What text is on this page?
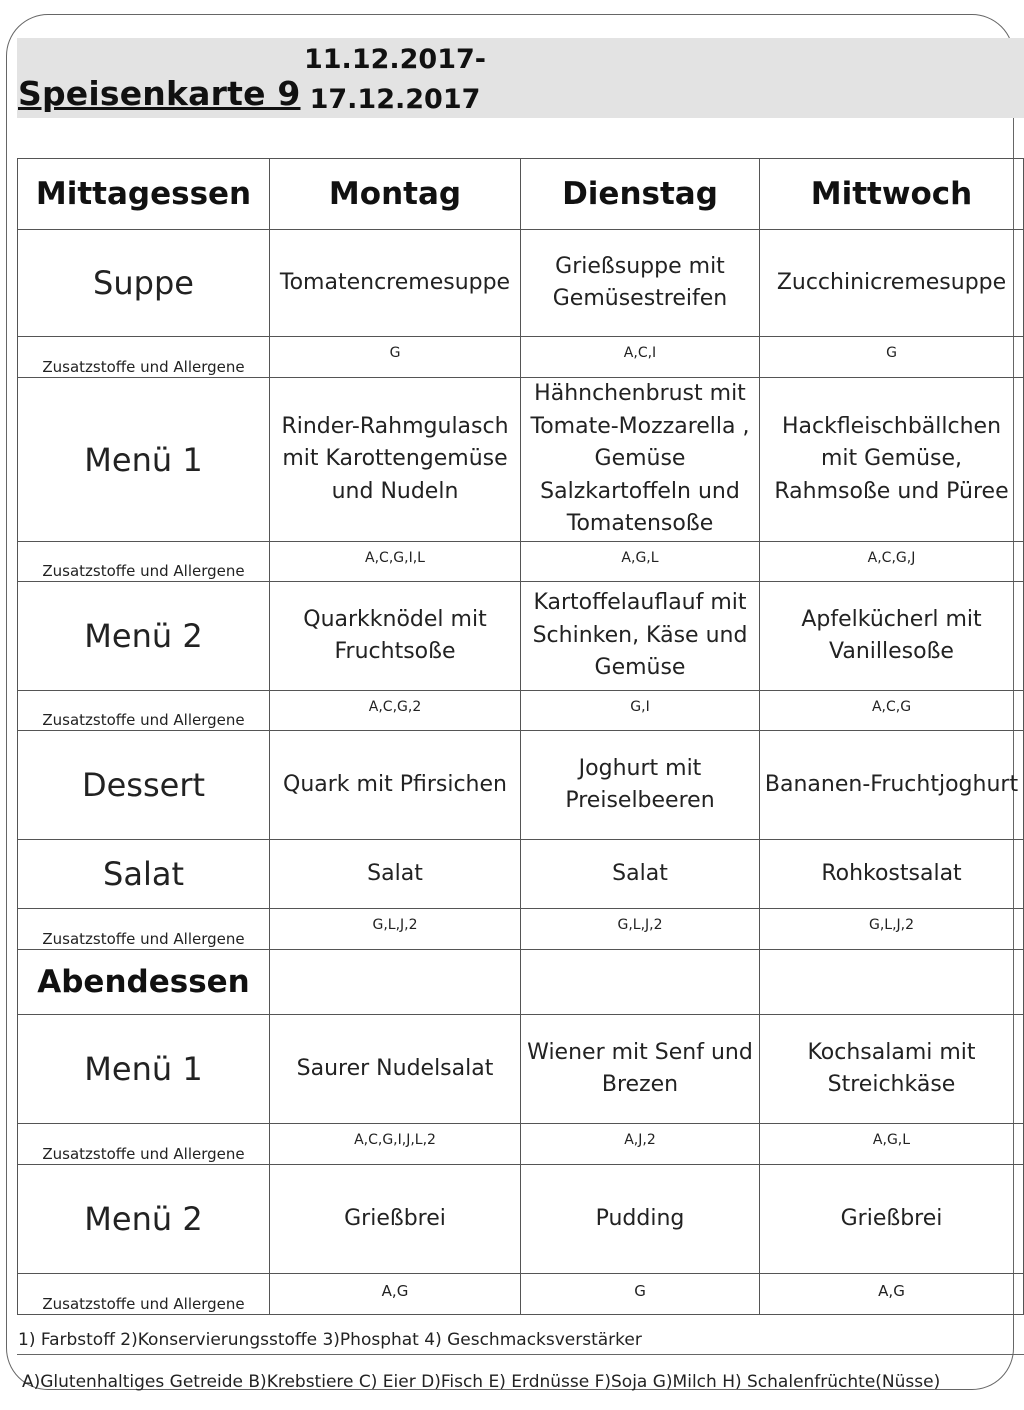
Speisenkarte 9
11.12.2017-
17.12.2017
Mittagessen	Montag	Dienstag	Mittwoch	
Suppe	Tomatencremesuppe	Grießsuppe mit Gemüsestreifen	Zucchinicremesuppe	
Zusatzstoffe und Allergene	G	A,C,I	G	
Menü 1	Rinder-Rahmgulasch mit Karottengemüse und Nudeln	Hähnchenbrust mit Tomate-Mozzarella , Gemüse Salzkartoffeln und Tomatensoße	Hackfleischbällchen mit Gemüse, Rahmsoße und Püree	
Zusatzstoffe und Allergene	A,C,G,I,L	A,G,L	A,C,G,J	
Menü 2	Quarkknödel mit Fruchtsoße	Kartoffelauflauf mit Schinken, Käse und Gemüse	Apfelkücherl mit Vanillesoße	
Zusatzstoffe und Allergene	A,C,G,2	G,I	A,C,G	
Dessert	Quark mit Pfirsichen	Joghurt mit Preiselbeeren	Bananen-Fruchtjoghurt	
Salat	Salat	Salat	Rohkostsalat	
Zusatzstoffe und Allergene	G,L,J,2	G,L,J,2	G,L,J,2	
Abendessen				
Menü 1	Saurer Nudelsalat	Wiener mit Senf und Brezen	Kochsalami mit Streichkäse	
Zusatzstoffe und Allergene	A,C,G,I,J,L,2	A,J,2	A,G,L	
Menü 2	Grießbrei	Pudding	Grießbrei	
Zusatzstoffe und Allergene	A,G	G	A,G	
1) Farbstoff 2)Konservierungsstoffe 3)Phosphat 4) Geschmacksverstärker
A)Glutenhaltiges Getreide B)Krebstiere C) Eier D)Fisch E) Erdnüsse F)Soja G)Milch H) Schalenfrüchte(Nüsse)
